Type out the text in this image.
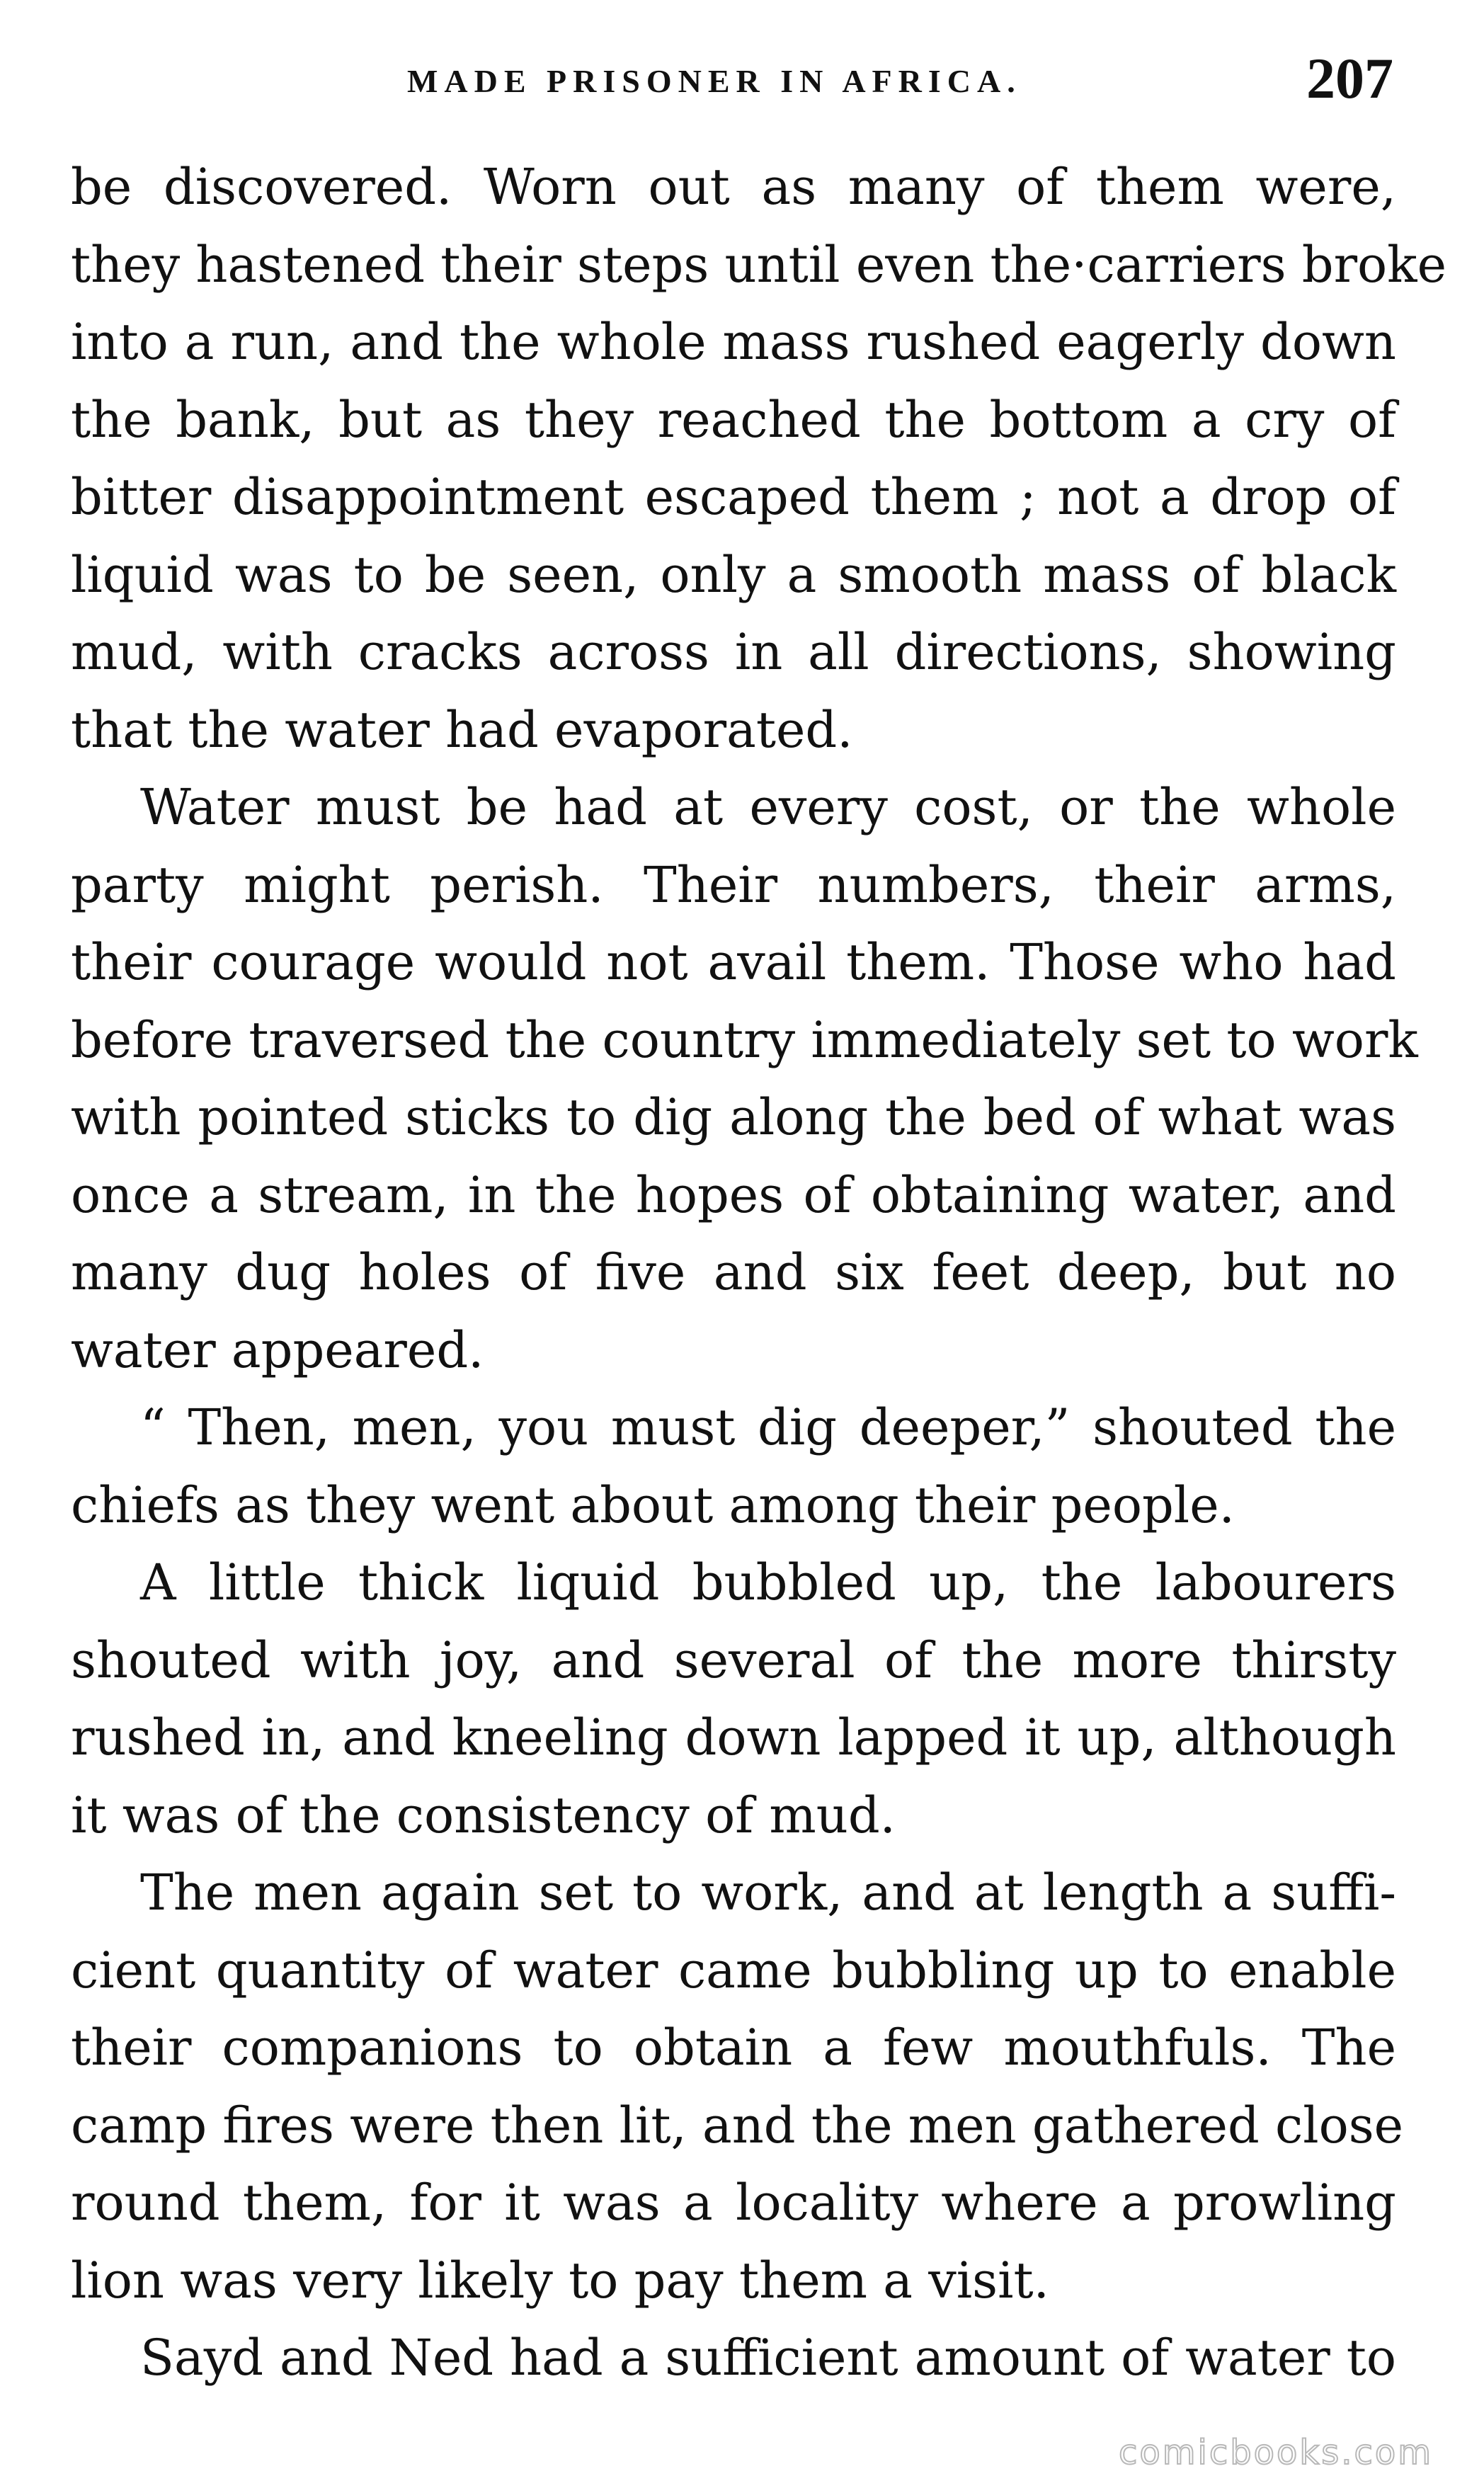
MADE PRISONER IN AFRICA.	207
be discovered. Worn out as many of them were,
they hastened their steps until even the·carriers broke
into a run, and the whole mass rushed eagerly down
the bank, but as they reached the bottom a cry of
bitter disappointment escaped them ; not a drop of
liquid was to be seen, only a smooth mass of black
mud, with cracks across in all directions, showing
that the water had evaporated.
Water must be had at every cost, or the whole
party might perish. Their numbers, their arms,
their courage would not avail them. Those who had
before traversed the country immediately set to work
with pointed sticks to dig along the bed of what was
once a stream, in the hopes of obtaining water, and
many dug holes of five and six feet deep, but no
water appeared.
“ Then, men, you must dig deeper,” shouted the
chiefs as they went about among their people.
A little thick liquid bubbled up, the labourers
shouted with joy, and several of the more thirsty
rushed in, and kneeling down lapped it up, although
it was of the consistency of mud.
The men again set to work, and at length a suffi-
cient quantity of water came bubbling up to enable
their companions to obtain a few mouthfuls. The
camp fires were then lit, and the men gathered close
round them, for it was a locality where a prowling
lion was very likely to pay them a visit.
Sayd and Ned had a sufficient amount of water to
comicbooks.com
